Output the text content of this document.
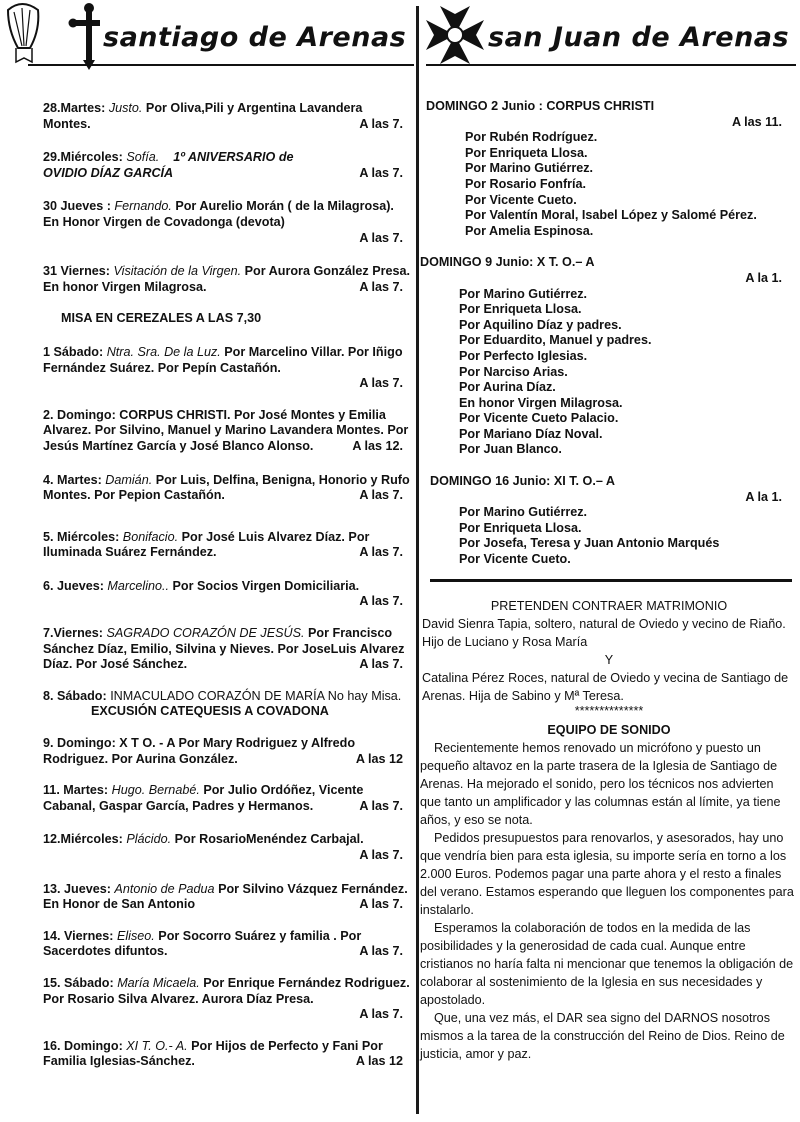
santiago de Arenas
28.Martes: Justo. Por Oliva,Pili y Argentina Lavandera Montes.	A las 7.
29.Miércoles: Sofía. 1º ANIVERSARIO de OVIDIO DÍAZ GARCÍA	A las 7.
30 Jueves : Fernando. Por Aurelio Morán ( de la Milagrosa). En Honor Virgen de Covadonga (devota)
A las 7.
31 Viernes: Visitación de la Virgen. Por Aurora González Presa. En honor Virgen Milagrosa.	A las 7.
MISA EN CEREZALES A LAS 7,30
1 Sábado: Ntra. Sra. De la Luz. Por Marcelino Villar. Por Iñigo Fernández Suárez. Por Pepín Castañón.
A las 7.
2. Domingo: CORPUS CHRISTI. Por José Montes y Emilia Alvarez. Por Silvino, Manuel y Marino Lavandera Montes. Por Jesús Martínez García y José Blanco Alonso.	A las 12.
4. Martes: Damián. Por Luis, Delfina, Benigna, Honorio y Rufo Montes. Por Pepion Castañón.	A las 7.
5. Miércoles: Bonifacio. Por José Luis Alvarez Díaz. Por Iluminada Suárez Fernández.	A las 7.
6. Jueves: Marcelino.. Por Socios Virgen Domiciliaria.
A las 7.
7.Viernes: SAGRADO CORAZÓN DE JESÚS. Por Francisco Sánchez Díaz, Emilio, Silvina y Nieves. Por JoseLuis Alvarez Díaz. Por José Sánchez.	A las 7.
8. Sábado: INMACULADO CORAZÓN DE MARÍA No hay Misa.
EXCUSIÓN CATEQUESIS A COVADONA
9. Domingo: X T O. - A Por Mary Rodriguez y Alfredo Rodriguez. Por Aurina González.	A las 12
11. Martes: Hugo. Bernabé. Por Julio Ordóñez, Vicente Cabanal, Gaspar García, Padres y Hermanos.	A las 7.
12.Miércoles: Plácido. Por RosarioMenéndez Carbajal.
A las 7.
13. Jueves: Antonio de Padua Por Silvino Vázquez Fernández. En Honor de San Antonio	A las 7.
14. Viernes: Eliseo. Por Socorro Suárez y familia . Por Sacerdotes difuntos.	A las 7.
15. Sábado: María Micaela. Por Enrique Fernández Rodriguez. Por Rosario Silva Alvarez. Aurora Díaz Presa.
A las 7.
16. Domingo: XI T. O.- A. Por Hijos de Perfecto y Fani Por Familia Iglesias-Sánchez.	A las 12
san Juan de Arenas

DOMINGO 2 Junio : CORPUS CHRISTI

A las 11.

Por Rubén Rodríguez.
Por Enriqueta Llosa.
Por Marino Gutiérrez.
Por Rosario Fonfría.
Por Vicente Cueto.
Por Valentín Moral, Isabel López y Salomé Pérez.
Por Amelia Espinosa.

DOMINGO 9 Junio: X T. O.– A

A la 1.

Por Marino Gutiérrez.
Por Enriqueta Llosa.
Por Aquilino Díaz y padres.
Por Eduardito, Manuel y padres.
Por Perfecto Iglesias.
Por Narciso Arias.
Por Aurina Díaz.
En honor Virgen Milagrosa.
Por Vicente Cueto Palacio.
Por Mariano Díaz Noval.
Por Juan Blanco.

DOMINGO 16 Junio: XI T. O.– A

A la 1.

Por Marino Gutiérrez.
Por Enriqueta Llosa.
Por Josefa, Teresa y Juan Antonio Marqués
Por Vicente Cueto.

PRETENDEN CONTRAER MATRIMONIO

David Sienra Tapia, soltero, natural de Oviedo y vecino de Riaño. Hijo de Luciano y Rosa María

Y

Catalina Pérez Roces, natural de Oviedo y vecina de Santiago de Arenas. Hija de Sabino y Mª Teresa.

**************

EQUIPO DE SONIDO

Recientemente hemos renovado un micrófono y puesto un pequeño altavoz en la parte trasera de la Iglesia de Santiago de Arenas. Ha mejorado el sonido, pero los técnicos nos advierten que tanto un amplificador y las columnas están al límite, ya tiene años, y eso se nota.

Pedidos presupuestos para renovarlos, y asesorados, hay uno que vendría bien para esta iglesia, su importe sería en torno a los 2.000 Euros. Podemos pagar una parte ahora y el resto a finales del verano. Estamos esperando que lleguen los componentes para instalarlo.

Esperamos la colaboración de todos en la medida de las posibilidades y la generosidad de cada cual. Aunque entre cristianos no haría falta ni mencionar que tenemos la obligación de colaborar al sostenimiento de la Iglesia en sus necesidades y apostolado.

Que, una vez más, el DAR sea signo del DARNOS nosotros mismos a la tarea de la construcción del Reino de Dios. Reino de justicia, amor y paz.
